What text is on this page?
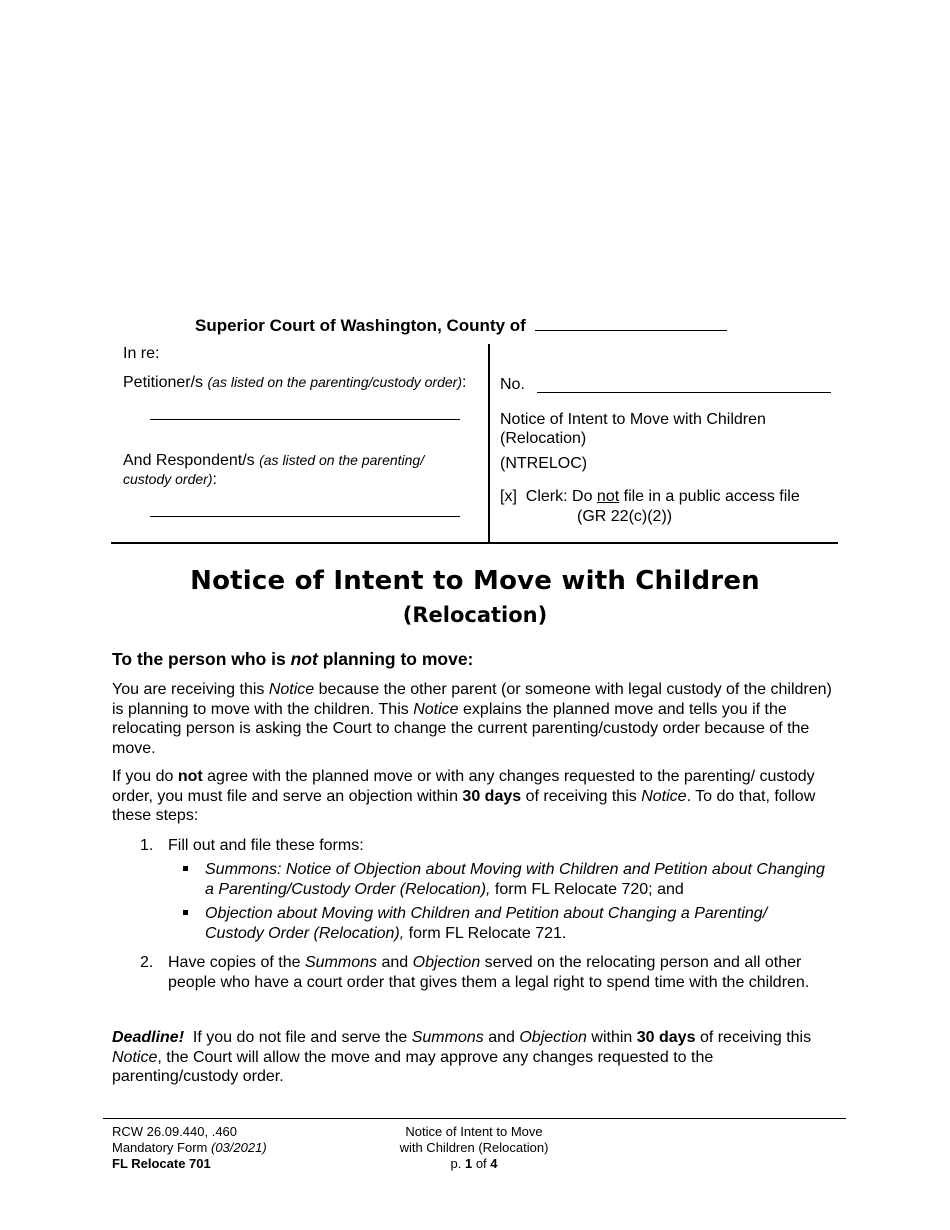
Superior Court of Washington, County of
In re:
Petitioner/s (as listed on the parenting/custody order):
And Respondent/s (as listed on the parenting/
custody order):
No.
Notice of Intent to Move with Children
(Relocation)
(NTRELOC)
[x] Clerk: Do not file in a public access file
(GR 22(c)(2))
Notice of Intent to Move with Children
(Relocation)
To the person who is not planning to move:
You are receiving this Notice because the other parent (or someone with legal custody of the children) is planning to move with the children. This Notice explains the planned move and tells you if the relocating person is asking the Court to change the current parenting/custody order because of the move.
If you do not agree with the planned move or with any changes requested to the parenting/ custody order, you must file and serve an objection within 30 days of receiving this Notice. To do that, follow these steps:
1. Fill out and file these forms:
Summons: Notice of Objection about Moving with Children and Petition about Changing a Parenting/Custody Order (Relocation), form FL Relocate 720; and
Objection about Moving with Children and Petition about Changing a Parenting/ Custody Order (Relocation), form FL Relocate 721.
2. Have copies of the Summons and Objection served on the relocating person and all other people who have a court order that gives them a legal right to spend time with the children.
Deadline! If you do not file and serve the Summons and Objection within 30 days of receiving this Notice, the Court will allow the move and may approve any changes requested to the parenting/custody order.
RCW 26.09.440, .460
Mandatory Form (03/2021)
FL Relocate 701
Notice of Intent to Move
with Children (Relocation)
p. 1 of 4
